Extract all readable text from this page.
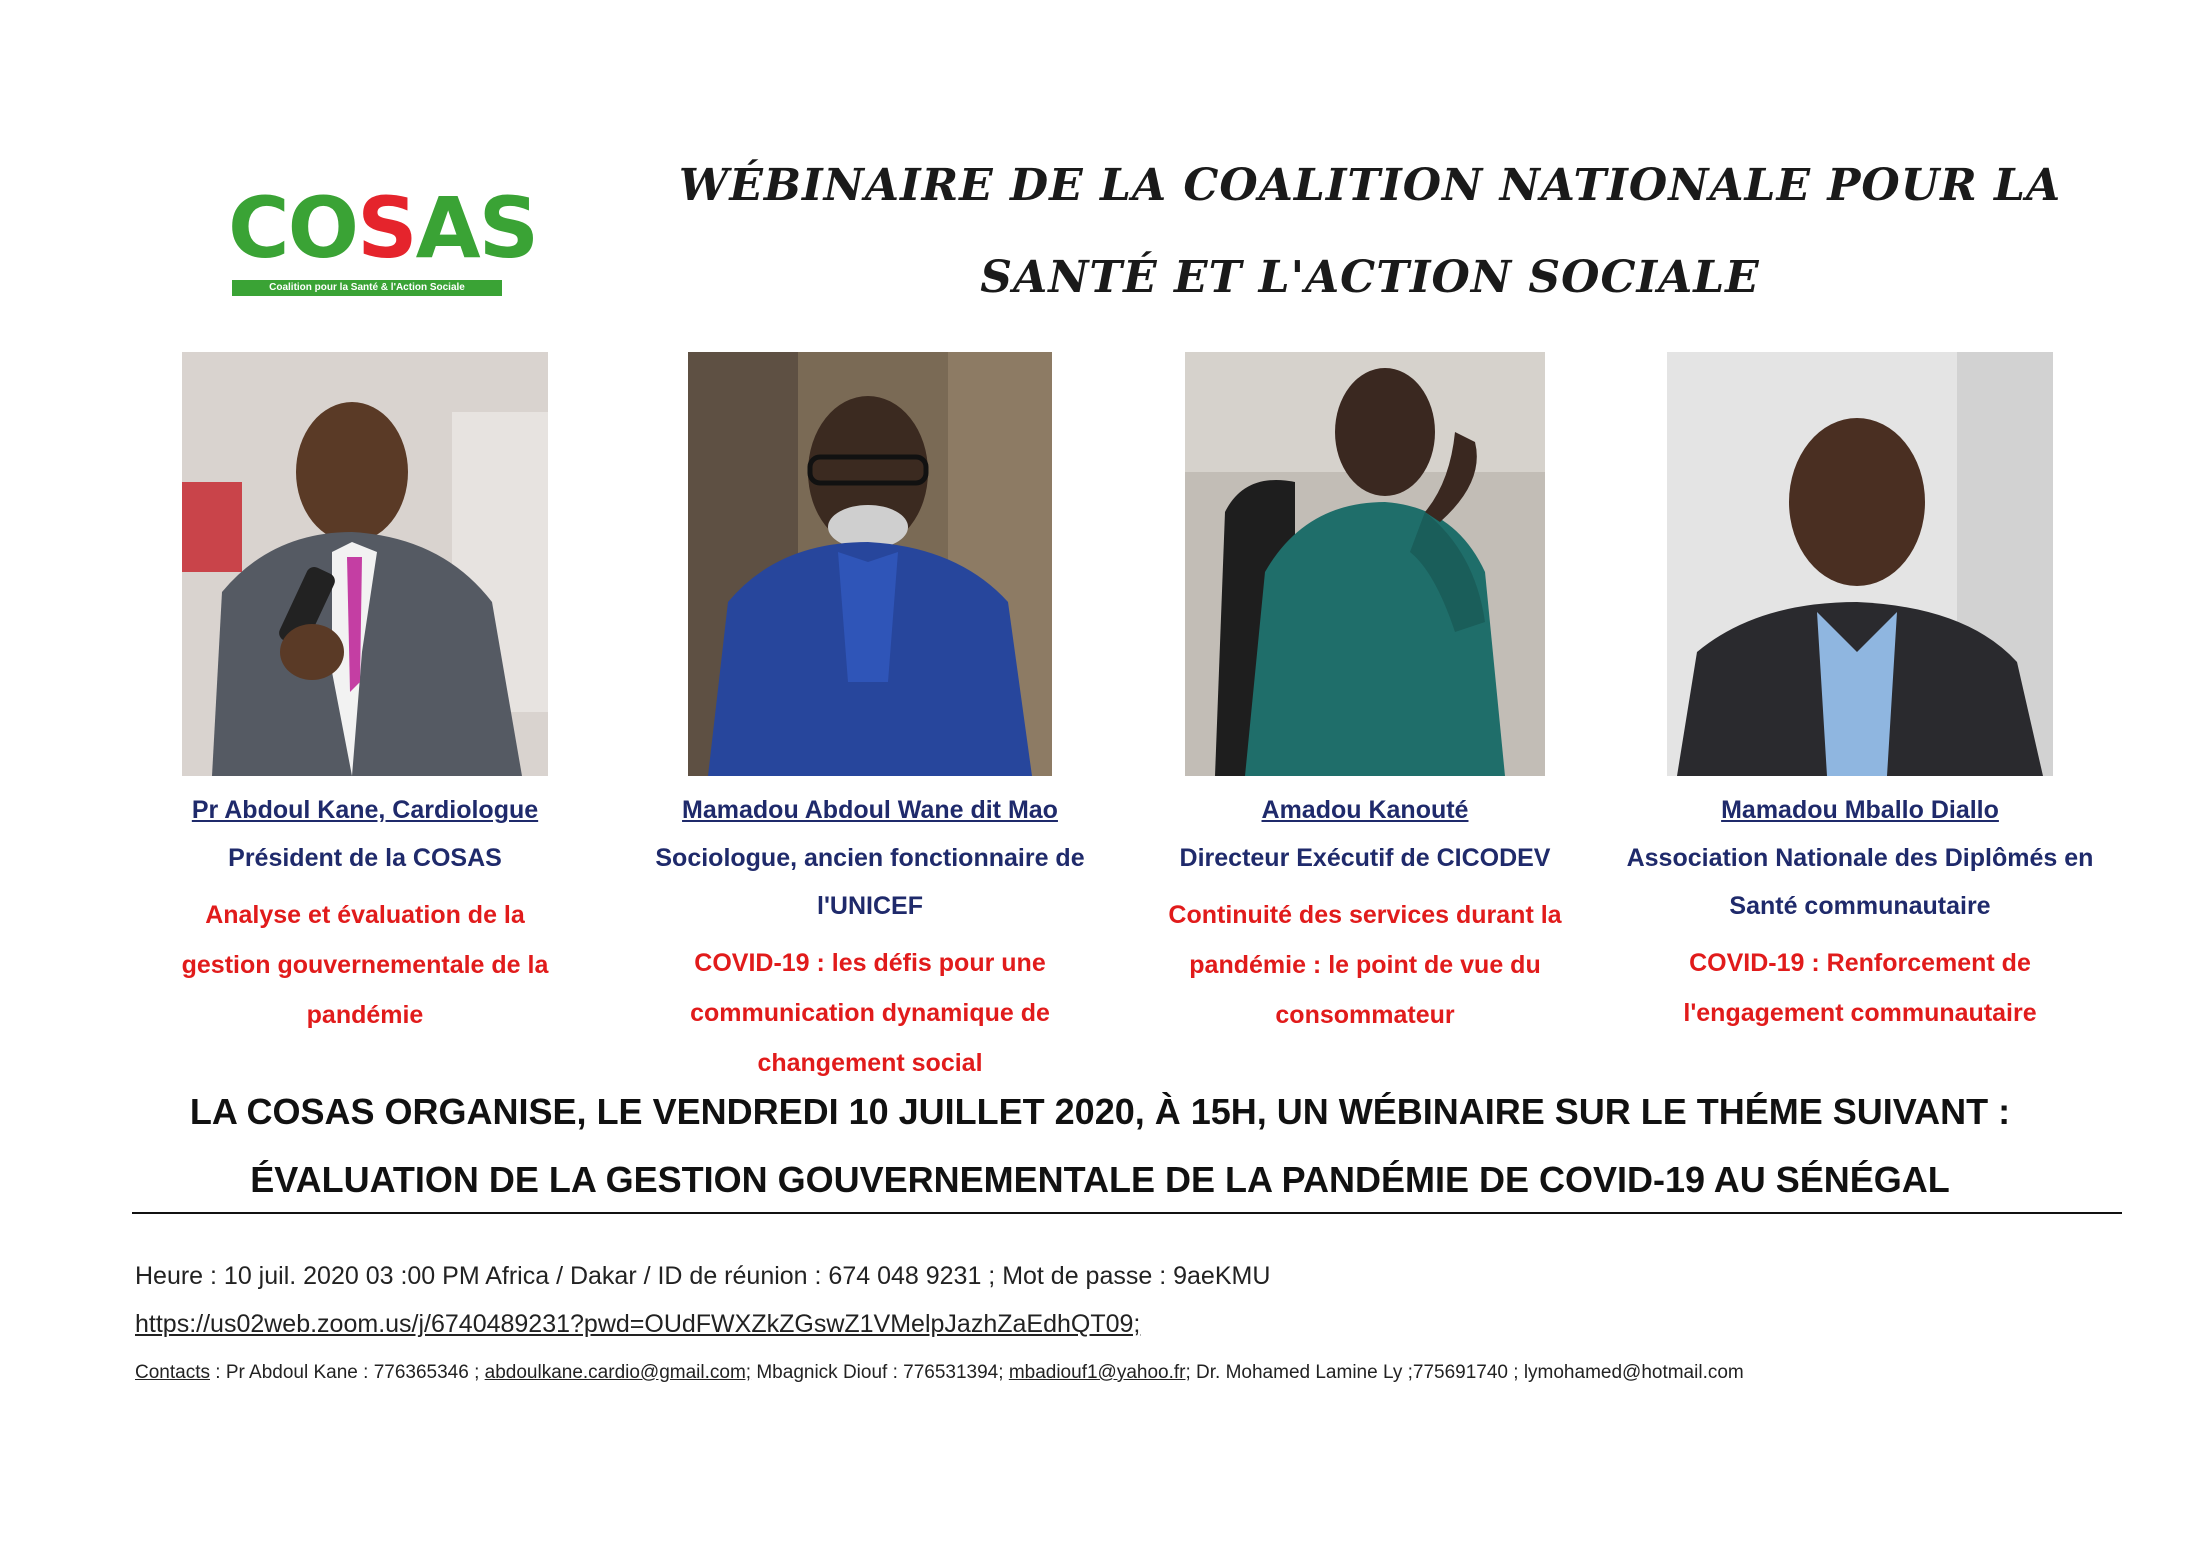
COSAS
Coalition pour la Santé & l'Action Sociale
WÉBINAIRE DE LA COALITION NATIONALE POUR LA
SANTÉ ET L'ACTION SOCIALE
Pr Abdoul Kane, Cardiologue
Président de la COSAS
Analyse et évaluation de la
gestion gouvernementale de la
pandémie
Mamadou Abdoul Wane dit Mao
Sociologue, ancien fonctionnaire de
l'UNICEF
COVID-19 : les défis pour une
communication dynamique de
changement social
Amadou Kanouté
Directeur Exécutif de CICODEV
Continuité des services durant la
pandémie : le point de vue du
consommateur
Mamadou Mballo Diallo
Association Nationale des Diplômés en
Santé communautaire
COVID-19 : Renforcement de
l'engagement communautaire
LA COSAS ORGANISE, LE VENDREDI 10 JUILLET 2020, À 15H, UN WÉBINAIRE SUR LE THÉME SUIVANT :
ÉVALUATION DE LA GESTION GOUVERNEMENTALE DE LA PANDÉMIE DE COVID-19 AU SÉNÉGAL
Heure : 10 juil. 2020 03 :00 PM Africa / Dakar / ID de réunion : 674 048 9231 ; Mot de passe : 9aeKMU
https://us02web.zoom.us/j/6740489231?pwd=OUdFWXZkZGswZ1VMelpJazhZaEdhQT09;
Contacts : Pr Abdoul Kane : 776365346 ; abdoulkane.cardio@gmail.com; Mbagnick Diouf : 776531394; mbadiouf1@yahoo.fr; Dr. Mohamed Lamine Ly ;775691740 ; lymohamed@hotmail.com
